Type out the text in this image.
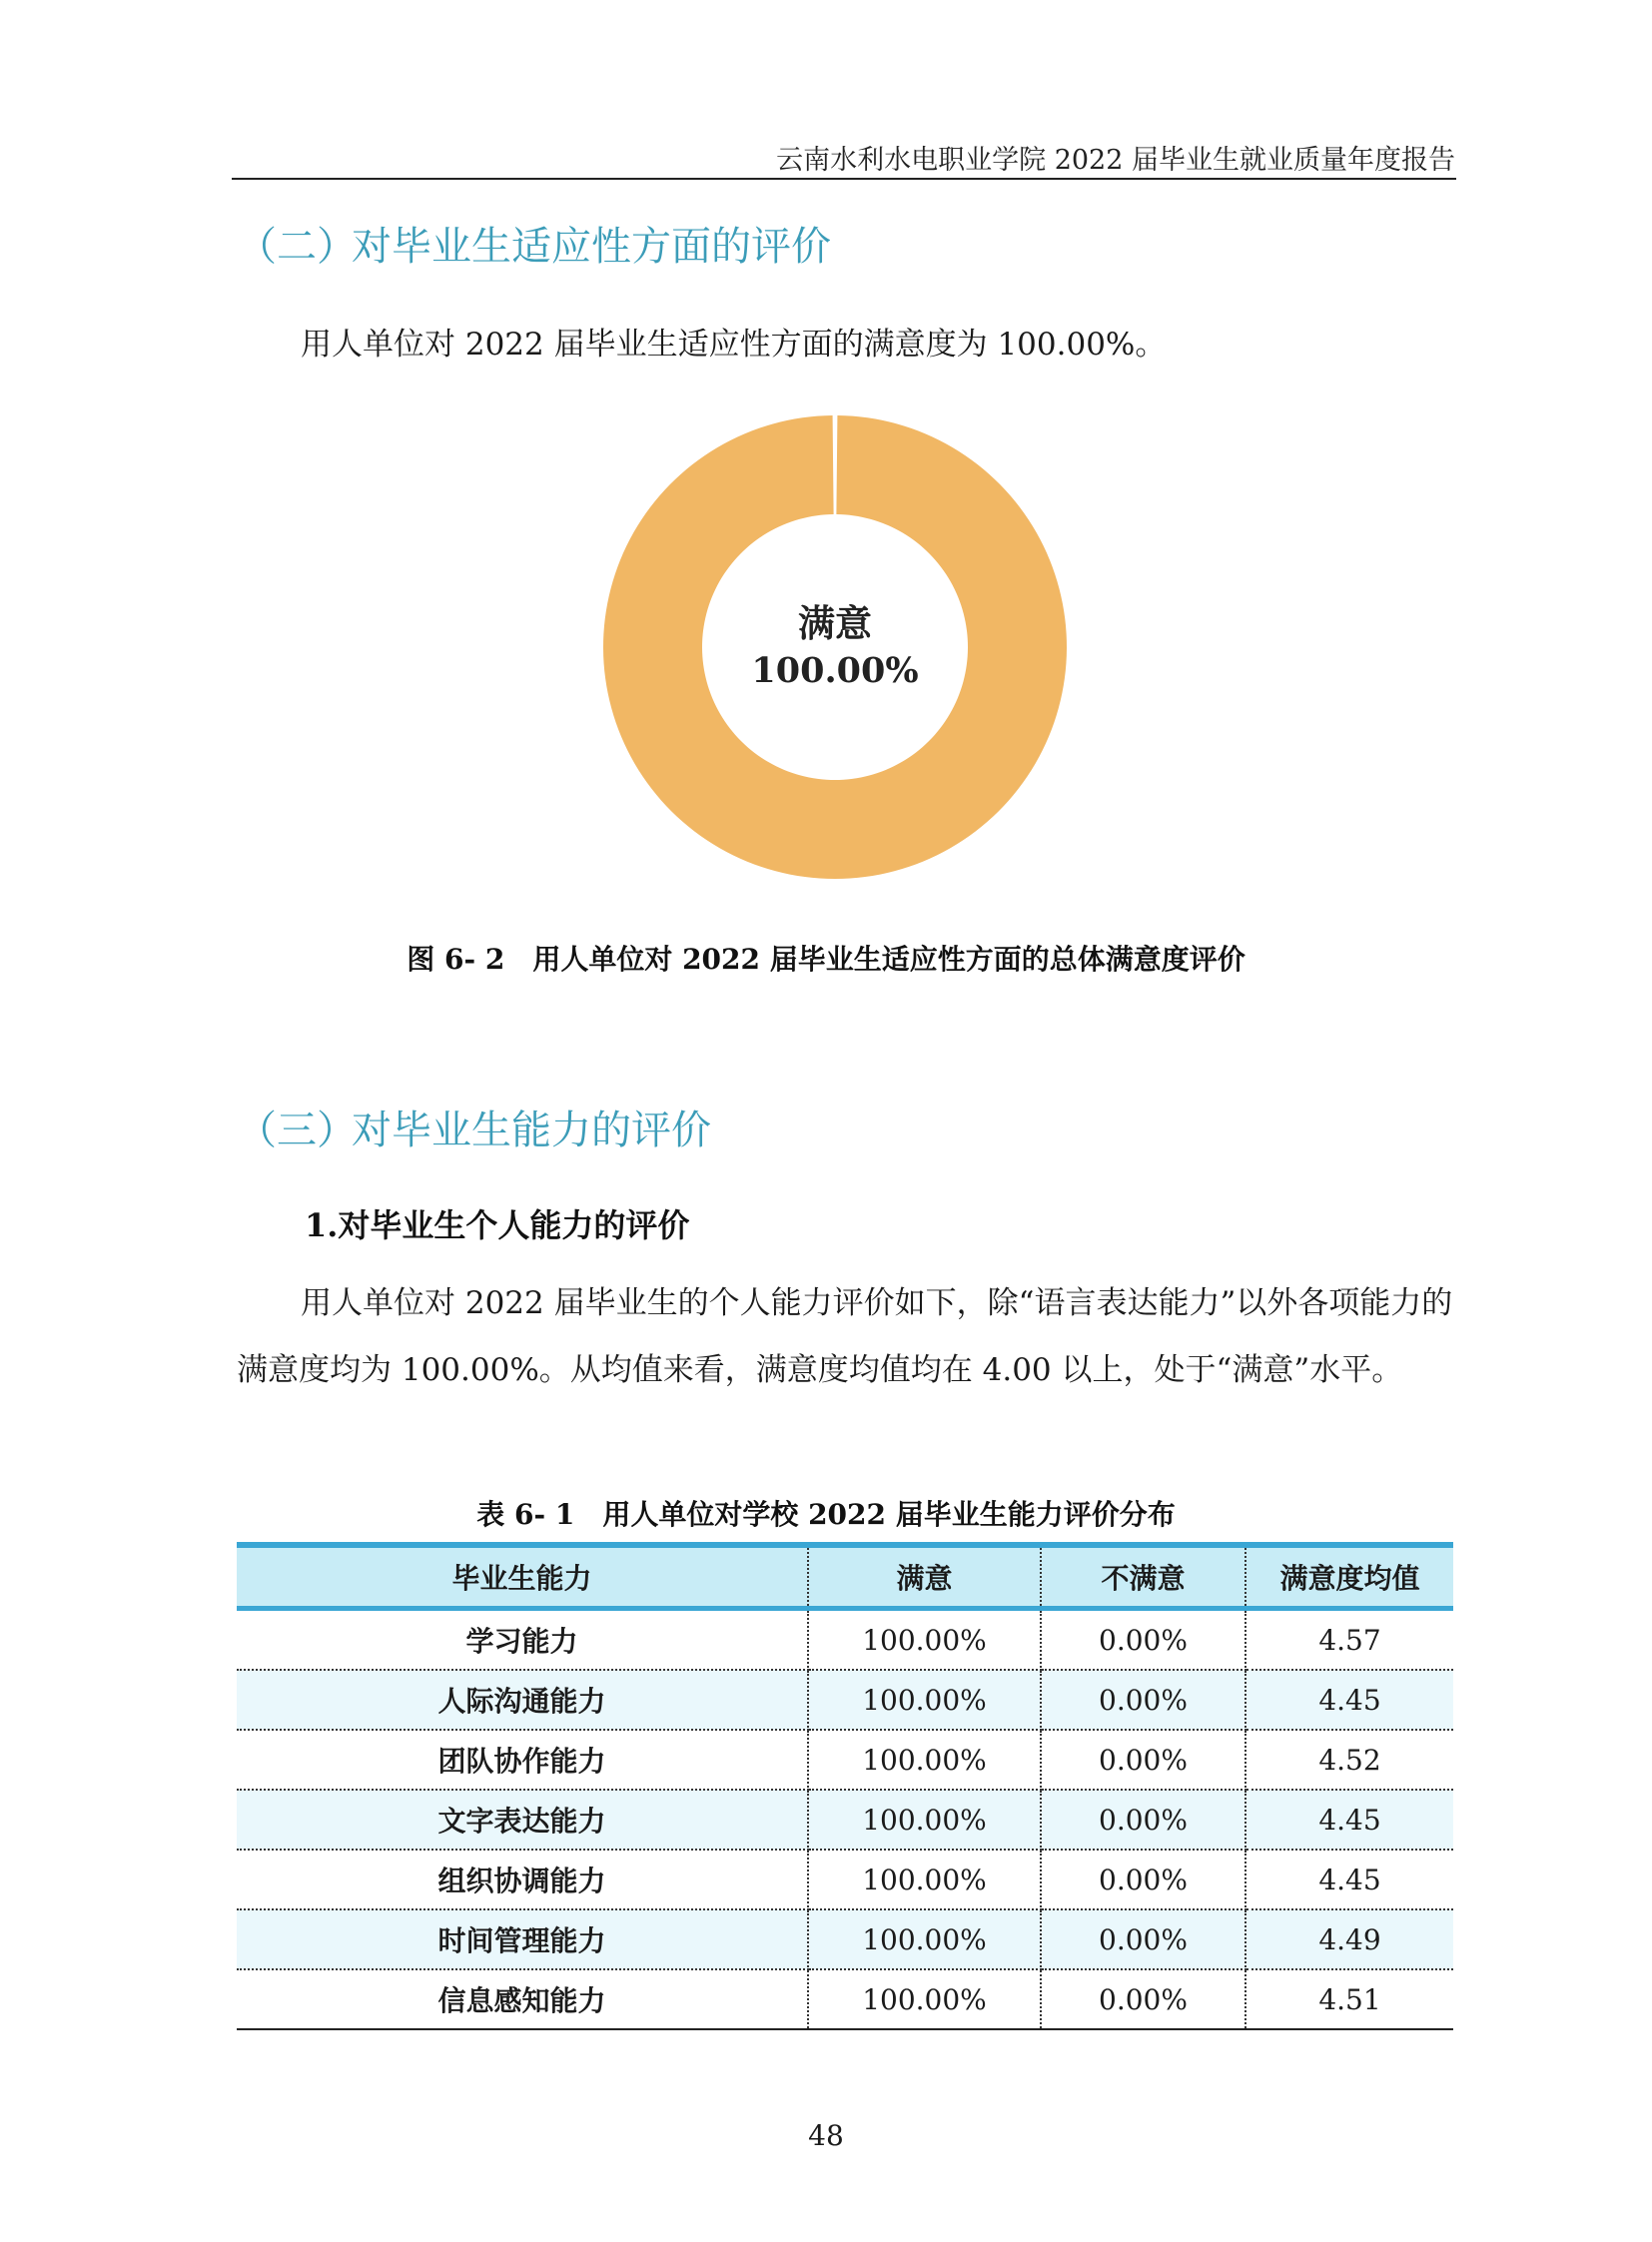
云南水利水电职业学院 2022 届毕业生就业质量年度报告
（二）对毕业生适应性方面的评价
用人单位对 2022 届毕业生适应性方面的满意度为 100.00%。
满意
100.00%
图 6- 2　用人单位对 2022 届毕业生适应性方面的总体满意度评价
（三）对毕业生能力的评价
1.对毕业生个人能力的评价
用人单位对 2022 届毕业生的个人能力评价如下，除“语言表达能力”以外各项能力的满意度均为 100.00%。从均值来看，满意度均值均在 4.00 以上，处于“满意”水平。
表 6- 1　用人单位对学校 2022 届毕业生能力评价分布
毕业生能力	满意	不满意	满意度均值
学习能力	100.00%	0.00%	4.57
人际沟通能力	100.00%	0.00%	4.45
团队协作能力	100.00%	0.00%	4.52
文字表达能力	100.00%	0.00%	4.45
组织协调能力	100.00%	0.00%	4.45
时间管理能力	100.00%	0.00%	4.49
信息感知能力	100.00%	0.00%	4.51
48
